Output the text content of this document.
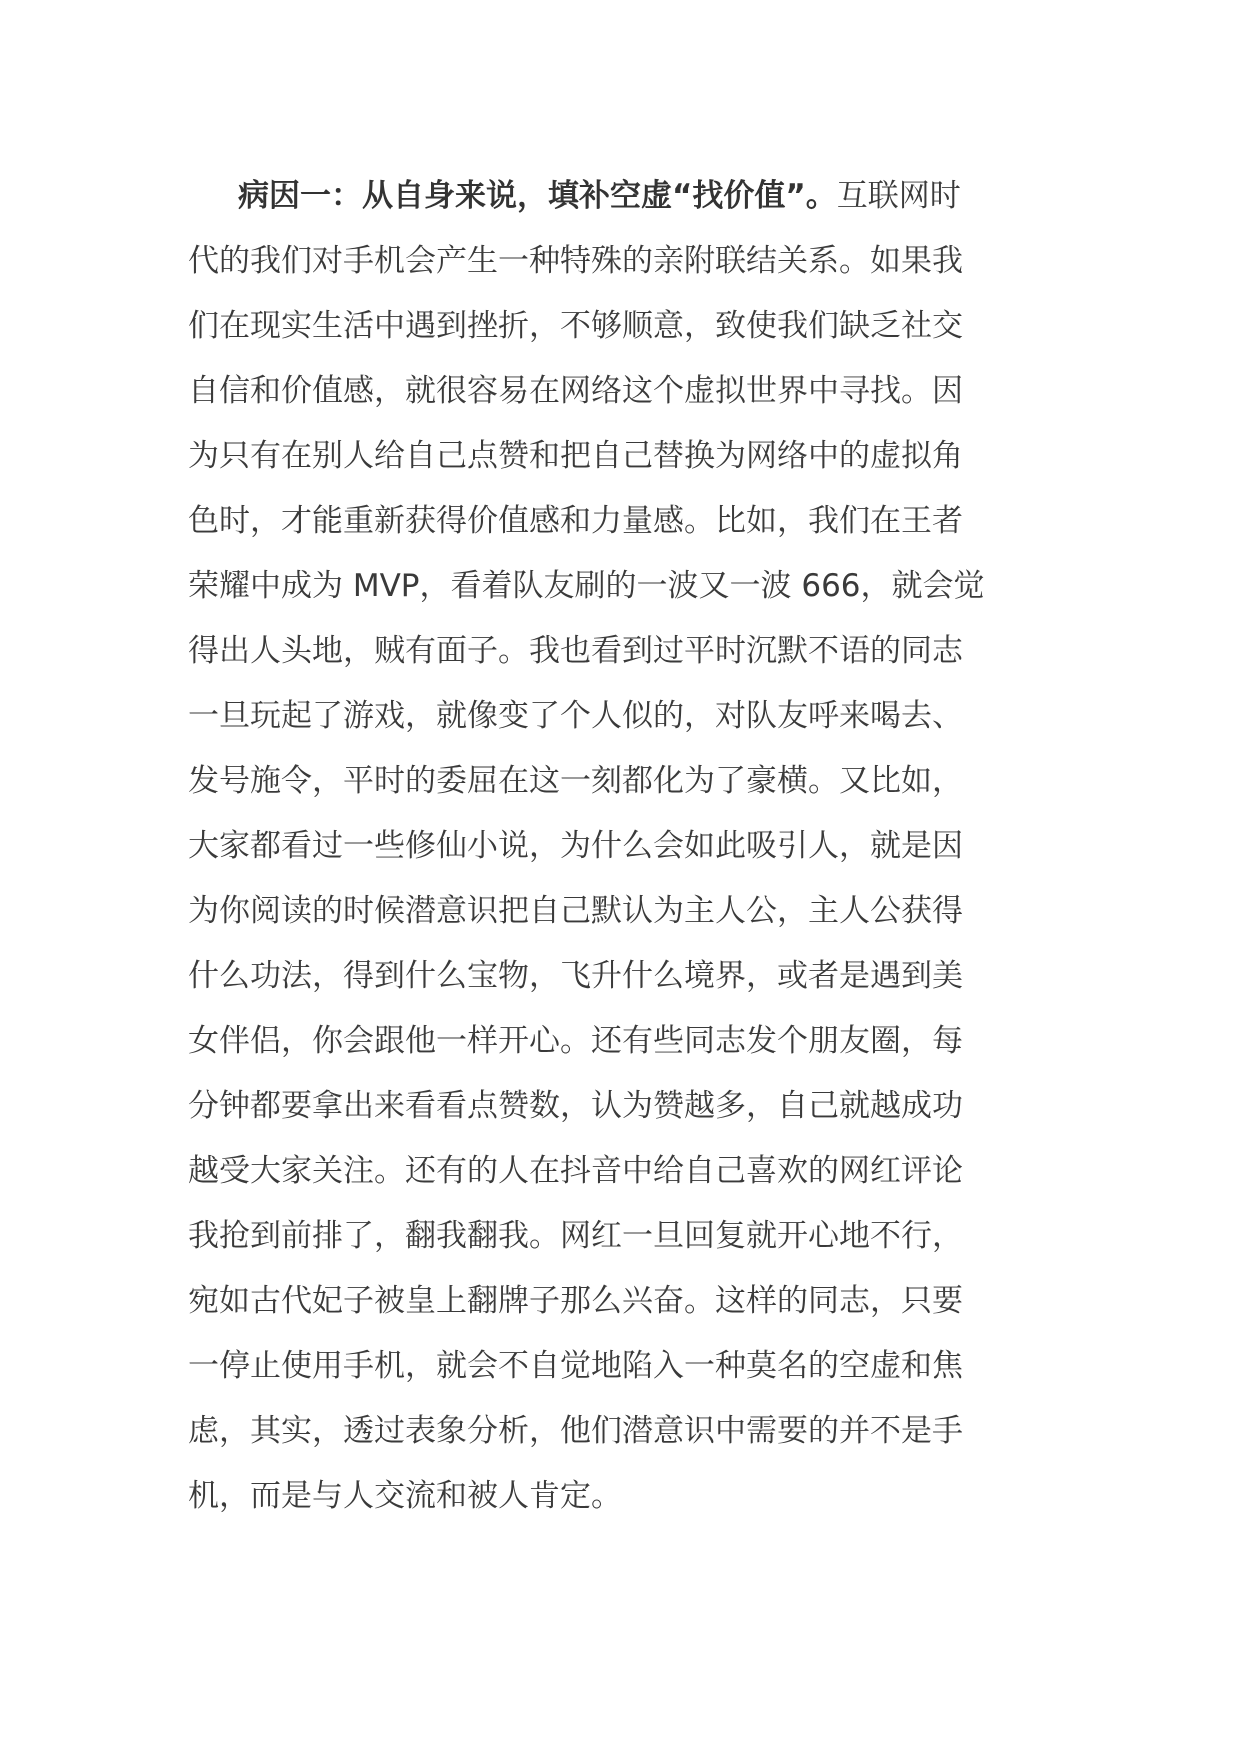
病因一：从自身来说，填补空虚“找价值”。互联网时
代的我们对手机会产生一种特殊的亲附联结关系。如果我
们在现实生活中遇到挫折，不够顺意，致使我们缺乏社交
自信和价值感，就很容易在网络这个虚拟世界中寻找。因
为只有在别人给自己点赞和把自己替换为网络中的虚拟角
色时，才能重新获得价值感和力量感。比如，我们在王者
荣耀中成为 MVP，看着队友刷的一波又一波 666，就会觉
得出人头地，贼有面子。我也看到过平时沉默不语的同志
一旦玩起了游戏，就像变了个人似的，对队友呼来喝去、
发号施令，平时的委屈在这一刻都化为了豪横。又比如，
大家都看过一些修仙小说，为什么会如此吸引人，就是因
为你阅读的时候潜意识把自己默认为主人公，主人公获得
什么功法，得到什么宝物，飞升什么境界，或者是遇到美
女伴侣，你会跟他一样开心。还有些同志发个朋友圈，每
分钟都要拿出来看看点赞数，认为赞越多，自己就越成功
越受大家关注。还有的人在抖音中给自己喜欢的网红评论
我抢到前排了，翻我翻我。网红一旦回复就开心地不行，
宛如古代妃子被皇上翻牌子那么兴奋。这样的同志，只要
一停止使用手机，就会不自觉地陷入一种莫名的空虚和焦
虑，其实，透过表象分析，他们潜意识中需要的并不是手
机，而是与人交流和被人肯定。
